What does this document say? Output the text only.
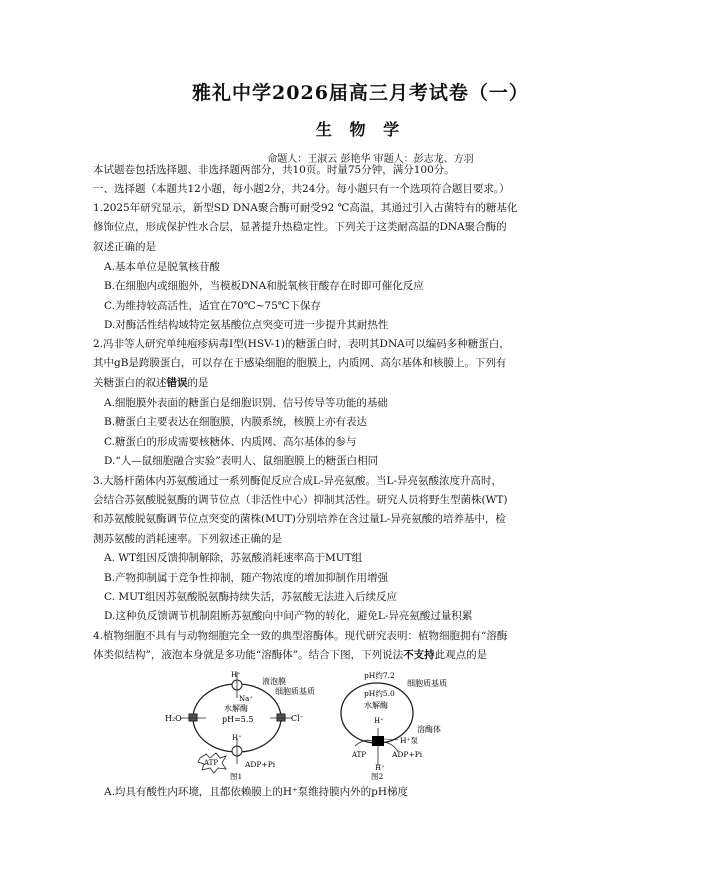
雅礼中学2026届高三月考试卷（一）
生 物 学
命题人：王淑云 彭艳华 审题人：彭志龙、方羽
本试题卷包括选择题、非选择题两部分，共10页。时量75分钟，满分100分。
一、选择题（本题共12小题，每小题2分，共24分。每小题只有一个选项符合题目要求。）
1.2025年研究显示，新型SD DNA聚合酶可耐受92 ℃高温，其通过引入古菌特有的糖基化
修饰位点，形成保护性水合层，显著提升热稳定性。下列关于这类耐高温的DNA聚合酶的
叙述正确的是
A.基本单位是脱氧核苷酸
B.在细胞内或细胞外，当模板DNA和脱氧核苷酸存在时即可催化反应
C.为维持较高活性，适宜在70℃~75℃下保存
D.对酶活性结构域特定氨基酸位点突变可进一步提升其耐热性
2.冯非等人研究单纯疱疹病毒Ⅰ型(HSV-1)的糖蛋白时，表明其DNA可以编码多种糖蛋白，
其中gB是跨膜蛋白，可以存在于感染细胞的胞膜上，内质网、高尔基体和核膜上。下列有
关糖蛋白的叙述错误的是
A.细胞膜外表面的糖蛋白是细胞识别、信号传导等功能的基础
B.糖蛋白主要表达在细胞膜，内膜系统，核膜上亦有表达
C.糖蛋白的形成需要核糖体、内质网、高尔基体的参与
D.“人—鼠细胞融合实验”表明人、鼠细胞膜上的糖蛋白相同
3.大肠杆菌体内苏氨酸通过一系列酶促反应合成L-异亮氨酸。当L-异亮氨酸浓度升高时，
会结合苏氨酸脱氨酶的调节位点（非活性中心）抑制其活性。研究人员将野生型菌株(WT)
和苏氨酸脱氨酶调节位点突变的菌株(MUT)分别培养在含过量L-异亮氨酸的培养基中，检
测苏氨酸的消耗速率。下列叙述正确的是
A. WT组因反馈抑制解除，苏氨酸消耗速率高于MUT组
B.产物抑制属于竞争性抑制，随产物浓度的增加抑制作用增强
C. MUT组因苏氨酸脱氨酶持续失活，苏氨酸无法进入后续反应
D.这种负反馈调节机制阻断苏氨酸向中间产物的转化，避免L-异亮氨酸过量积累
4.植物细胞不具有与动物细胞完全一致的典型溶酶体。现代研究表明：植物细胞拥有“溶酶
体类似结构”，液泡本身就是多功能“溶酶体”。结合下图，下列说法不支持此观点的是
H⁺
Na⁺
液泡膜
细胞质基质
水解酶
pH=5.5
H₂O	Cl⁻
H⁺
ATP	ADP+Pi
图1
pH约7.2
细胞质基质
pH约5.0
水解酶
H⁺
溶酶体
H⁺泵
ATP	ADP+Pi
H⁺
图2
A.均具有酸性内环境，且都依赖膜上的H⁺泵维持膜内外的pH梯度
